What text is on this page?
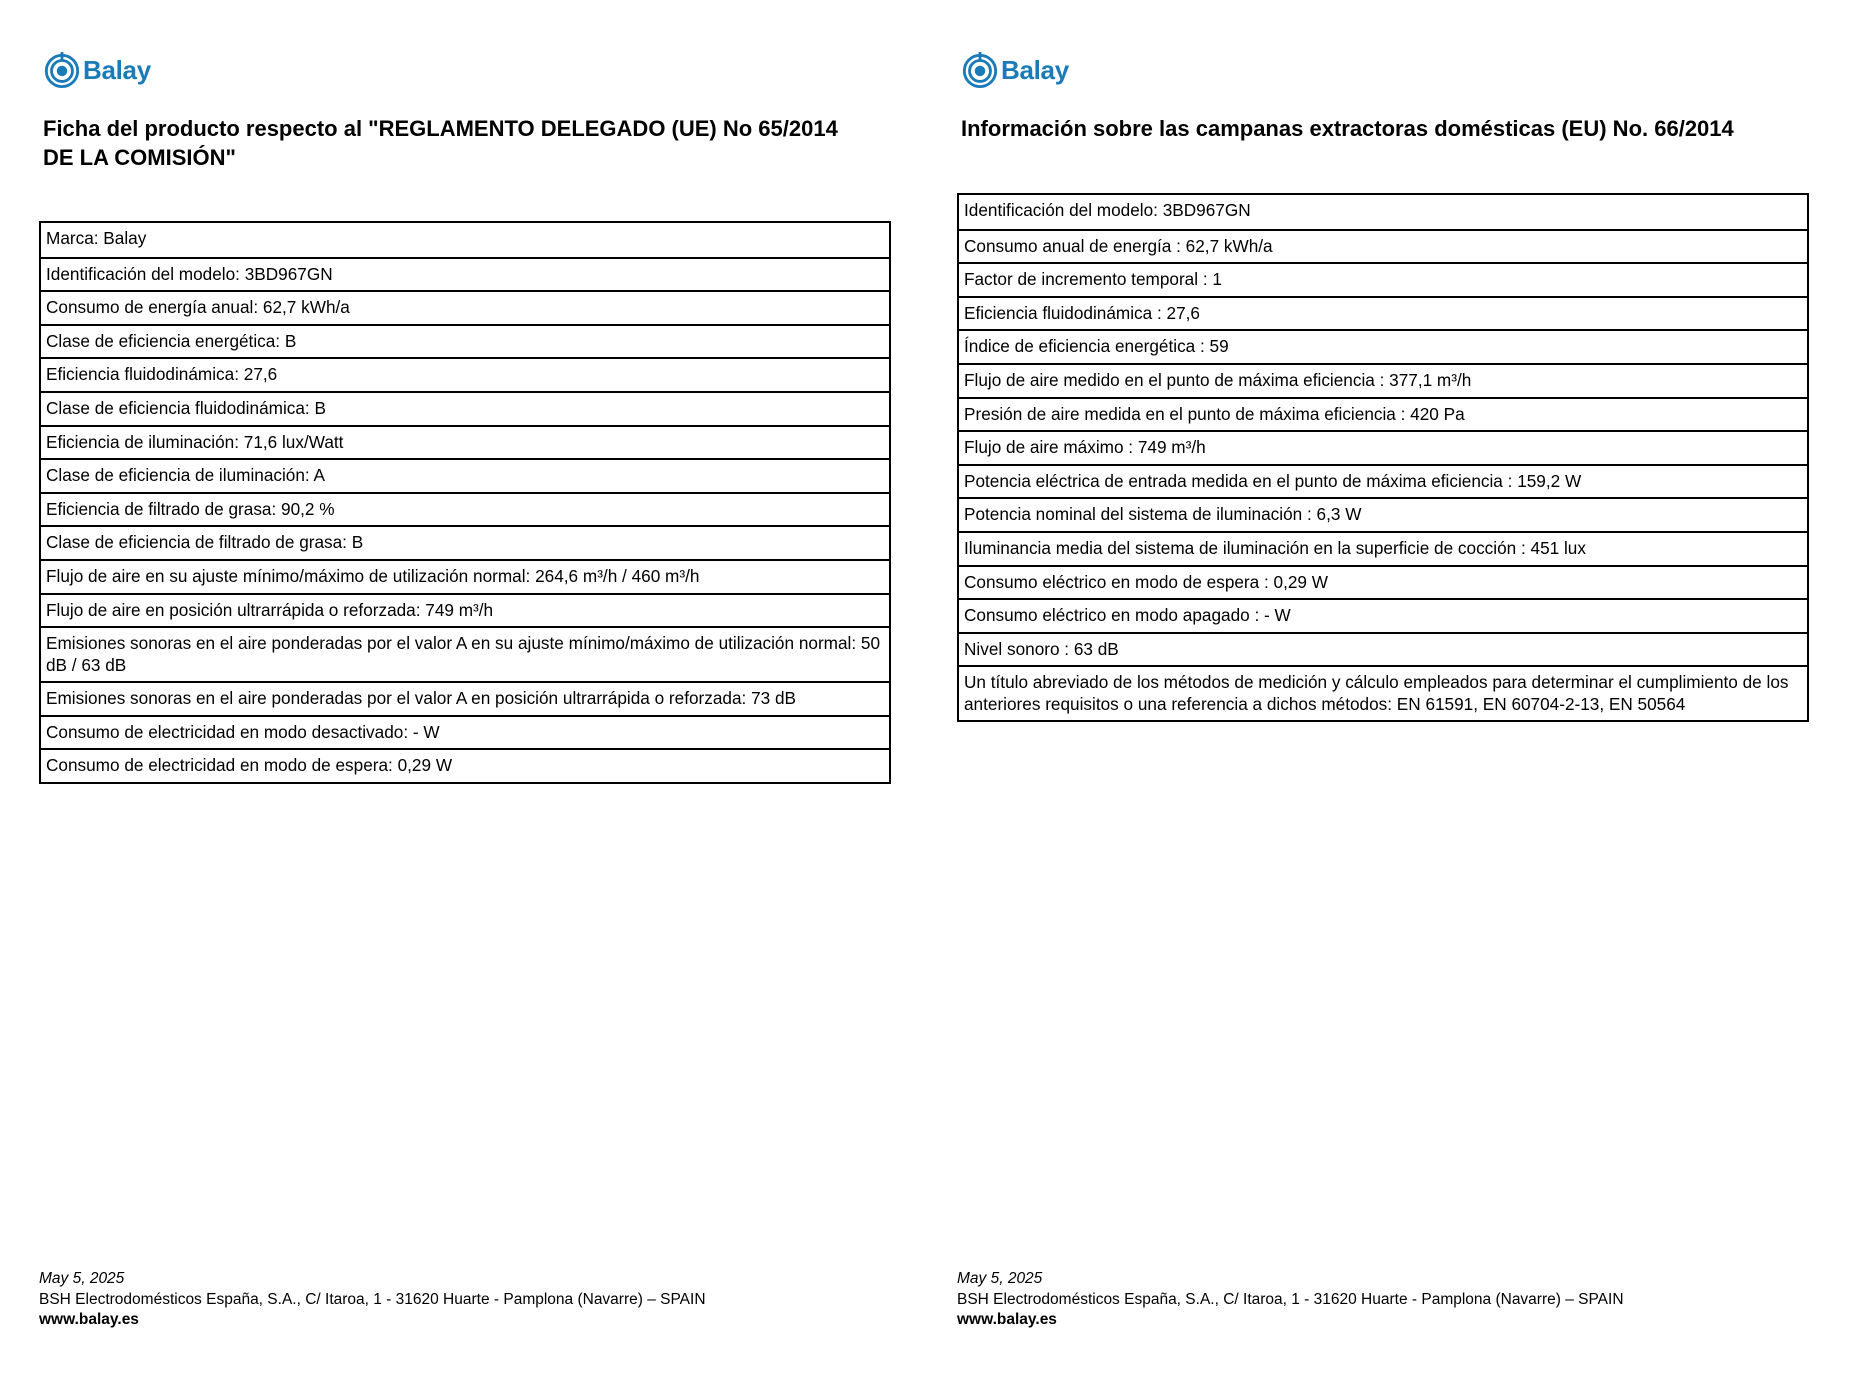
Balay
Ficha del producto respecto al "REGLAMENTO DELEGADO (UE) No 65/2014 DE LA COMISIÓN"
Marca: Balay
Identificación del modelo: 3BD967GN
Consumo de energía anual: 62,7 kWh/a
Clase de eficiencia energética: B
Eficiencia fluidodinámica: 27,6
Clase de eficiencia fluidodinámica: B
Eficiencia de iluminación: 71,6 lux/Watt
Clase de eficiencia de iluminación: A
Eficiencia de filtrado de grasa: 90,2 %
Clase de eficiencia de filtrado de grasa: B
Flujo de aire en su ajuste mínimo/máximo de utilización normal: 264,6 m³/h / 460 m³/h
Flujo de aire en posición ultrarrápida o reforzada: 749 m³/h
Emisiones sonoras en el aire ponderadas por el valor A en su ajuste mínimo/máximo de utilización normal: 50 dB / 63 dB
Emisiones sonoras en el aire ponderadas por el valor A en posición ultrarrápida o reforzada: 73 dB
Consumo de electricidad en modo desactivado: - W
Consumo de electricidad en modo de espera: 0,29 W
May 5, 2025
BSH Electrodomésticos España, S.A., C/ Itaroa, 1 - 31620 Huarte - Pamplona (Navarre) – SPAIN
www.balay.es
Balay
Información sobre las campanas extractoras domésticas (EU) No. 66/2014
Identificación del modelo: 3BD967GN
Consumo anual de energía : 62,7 kWh/a
Factor de incremento temporal : 1
Eficiencia fluidodinámica : 27,6
Índice de eficiencia energética : 59
Flujo de aire medido en el punto de máxima eficiencia : 377,1 m³/h
Presión de aire medida en el punto de máxima eficiencia : 420 Pa
Flujo de aire máximo : 749 m³/h
Potencia eléctrica de entrada medida en el punto de máxima eficiencia : 159,2 W
Potencia nominal del sistema de iluminación : 6,3 W
Iluminancia media del sistema de iluminación en la superficie de cocción : 451 lux
Consumo eléctrico en modo de espera : 0,29 W
Consumo eléctrico en modo apagado : - W
Nivel sonoro : 63 dB
Un título abreviado de los métodos de medición y cálculo empleados para determinar el cumplimiento de los anteriores requisitos o una referencia a dichos métodos: EN 61591, EN 60704-2-13, EN 50564
May 5, 2025
BSH Electrodomésticos España, S.A., C/ Itaroa, 1 - 31620 Huarte - Pamplona (Navarre) – SPAIN
www.balay.es
